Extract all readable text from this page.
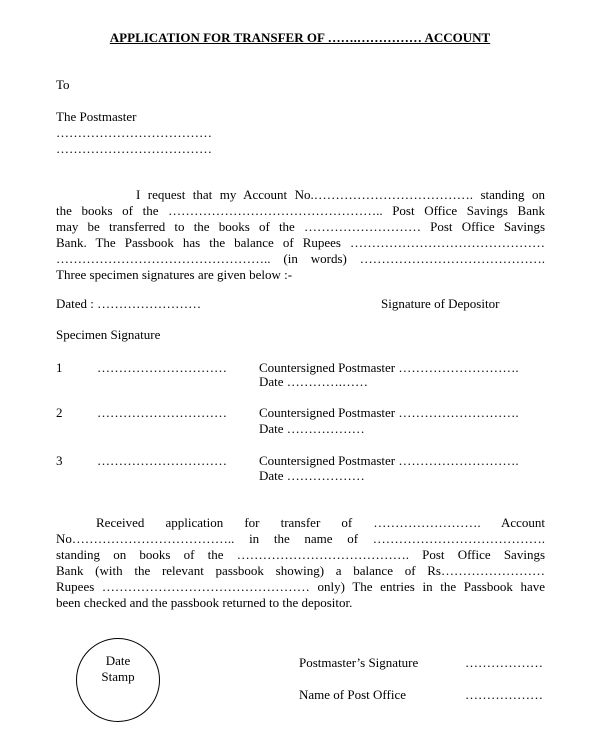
APPLICATION FOR TRANSFER OF …….…………… ACCOUNT
To
The Postmaster
………………………………
………………………………
I request that my Account No.………………………………. standing on
the books of the ………………………………………….. Post Office Savings Bank
may be transferred to the books of the ……………………… Post Office Savings
Bank. The Passbook has the balance of Rupees ………………………………………
………………………………………….. (in words) …………………………………….
Three specimen signatures are given below :-
Dated : ……………………	Signature of Depositor
Specimen Signature
1	………………………… Countersigned Postmaster ……………………….
Date ………….……
2	………………………… Countersigned Postmaster ……………………….
Date ………………
3	………………………… Countersigned Postmaster ……………………….
Date ………………
Received application for transfer of ……………………. Account
No……………………………….. in the name of ………………………………….
standing on books of the …………………………………. Post Office Savings
Bank (with the relevant passbook showing) a balance of Rs……………………
Rupees ………………………………………… only) The entries in the Passbook have
been checked and the passbook returned to the depositor.
Date
Stamp
Postmaster’s Signature	………………
Name of Post Office	………………
